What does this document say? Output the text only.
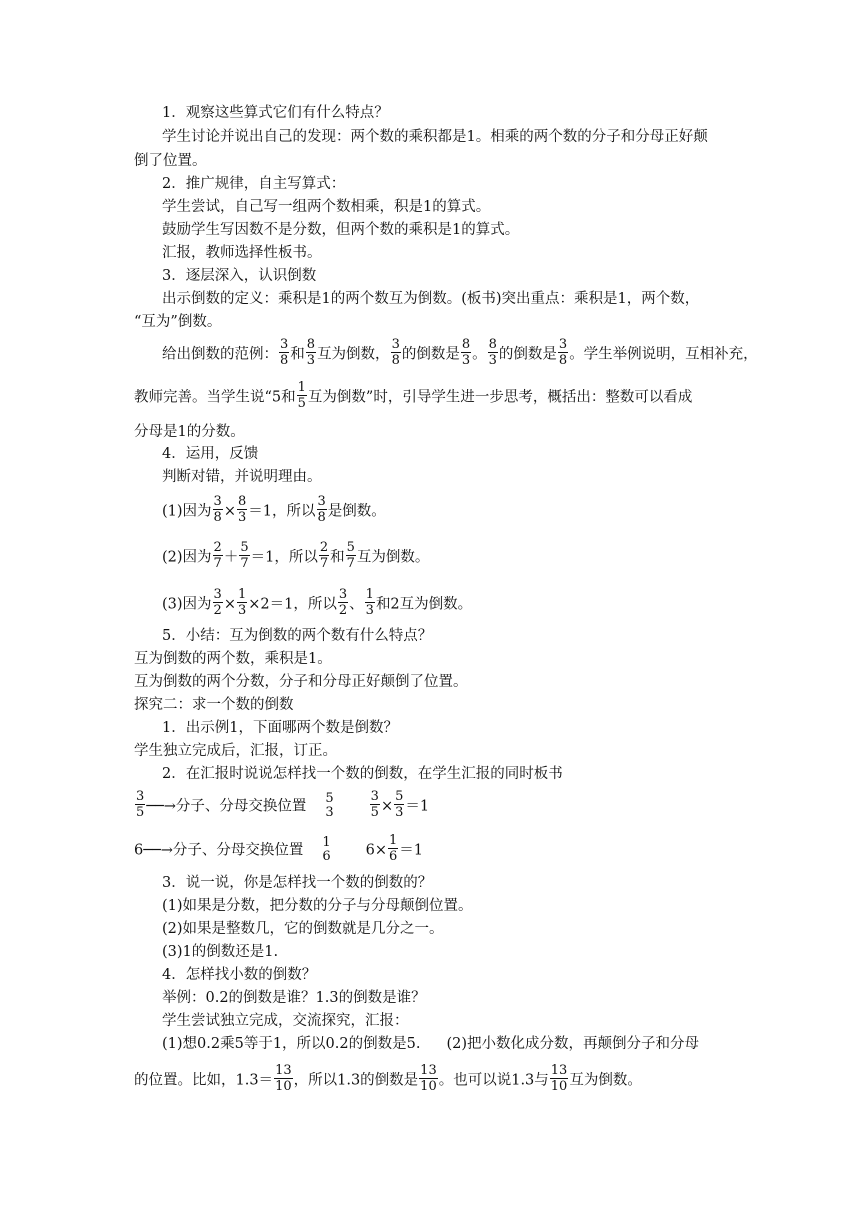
1．观察这些算式它们有什么特点？
学生讨论并说出自己的发现：两个数的乘积都是1。相乘的两个数的分子和分母正好颠
倒了位置。
2．推广规律，自主写算式：
学生尝试，自己写一组两个数相乘，积是1的算式。
鼓励学生写因数不是分数，但两个数的乘积是1的算式。
汇报，教师选择性板书。
3．逐层深入，认识倒数
出示倒数的定义：乘积是1的两个数互为倒数。(板书)突出重点：乘积是1，两个数，
“互为”倒数。
给出倒数的范例： $\frac{3}{8}$ 和 $\frac{8}{3}$ 互为倒数， $\frac{3}{8}$ 的倒数是 $\frac{8}{3}$ 。 $\frac{8}{3}$ 的倒数是 $\frac{3}{8}$ 。学生举例说明，互相补充，
教师完善。当学生说“5和 $\frac{1}{5}$ 互为倒数”时，引导学生进一步思考，概括出：整数可以看成
分母是1的分数。
4．运用，反馈
判断对错，并说明理由。
(1)因为 $\frac{3}{8} \times \frac{8}{3} =1$，所以 $\frac{3}{8}$ 是倒数。
(2)因为 $\frac{2}{7} + \frac{5}{7} =1$，所以 $\frac{2}{7}$ 和 $\frac{5}{7}$ 互为倒数。
(3)因为 $\frac{3}{2} \times \frac{1}{3} \times 2=1$，所以 $\frac{3}{2}$ 、 $\frac{1}{3}$ 和2互为倒数。
5．小结：互为倒数的两个数有什么特点？
互为倒数的两个数，乘积是1。
互为倒数的两个分数，分子和分母正好颠倒了位置。
探究二：求一个数的倒数
1．出示例1，下面哪两个数是倒数？
学生独立完成后，汇报，订正。
2．在汇报时说说怎样找一个数的倒数，在学生汇报的同时板书
$\frac{3}{5}$ ──→分子、分母交换位置
5
3	$\frac{3}{5} \times \frac{5}{3} =1$
6──→分子、分母交换位置
1
6 $6\times \frac{1}{6} =1$
3．说一说，你是怎样找一个数的倒数的？
(1)如果是分数，把分数的分子与分母颠倒位置。
(2)如果是整数几，它的倒数就是几分之一。
(3)1的倒数还是1.
4．怎样找小数的倒数？
举例：0.2的倒数是谁？1.3的倒数是谁？
学生尝试独立完成，交流探究，汇报：
(1)想0.2乘5等于1，所以0.2的倒数是5. (2)把小数化成分数，再颠倒分子和分母
的位置。比如，$1.3= \frac{13}{10}$ ，所以1.3的倒数是 $\frac{13}{10}$ 。也可以说1.3与 $\frac{13}{10}$ 互为倒数。
